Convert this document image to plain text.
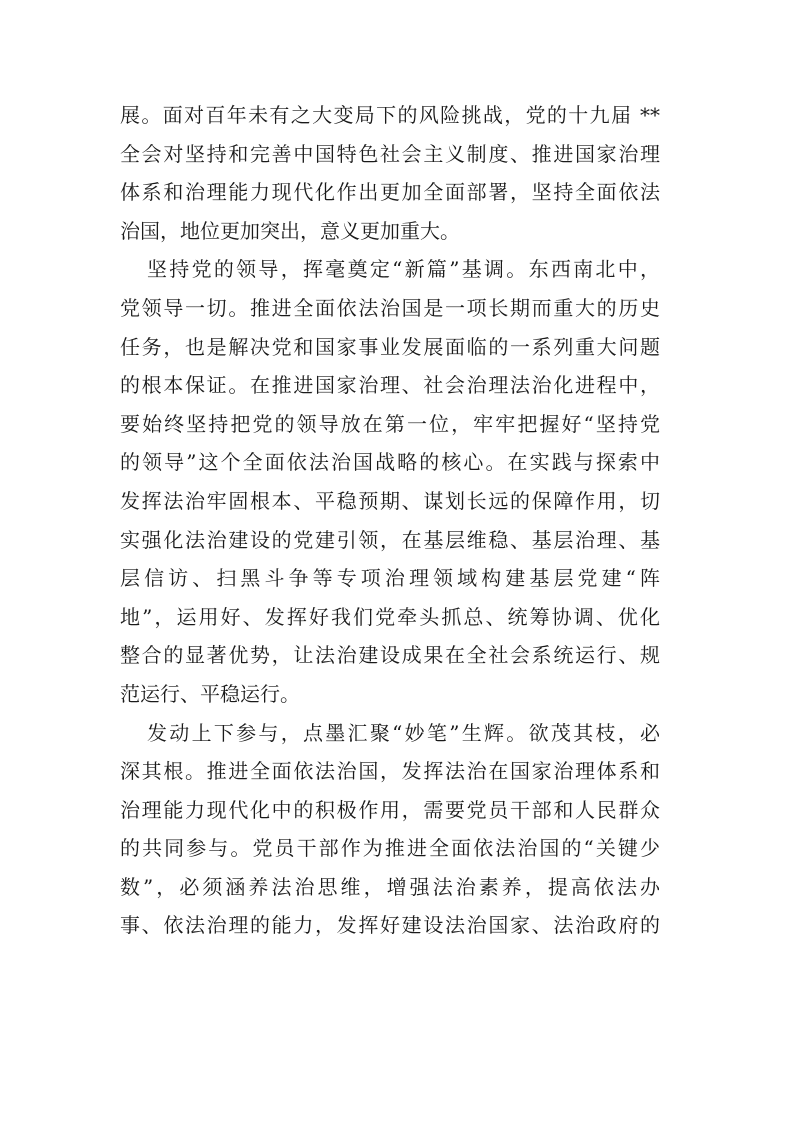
展。面对百年未有之大变局下的风险挑战，党的十九届 **
全会对坚持和完善中国特色社会主义制度、推进国家治理
体系和治理能力现代化作出更加全面部署，坚持全面依法
治国，地位更加突出，意义更加重大。
坚持党的领导，挥毫奠定“新篇”基调。东西南北中，
党领导一切。推进全面依法治国是一项长期而重大的历史
任务，也是解决党和国家事业发展面临的一系列重大问题
的根本保证。在推进国家治理、社会治理法治化进程中，
要始终坚持把党的领导放在第一位，牢牢把握好“坚持党
的领导”这个全面依法治国战略的核心。在实践与探索中
发挥法治牢固根本、平稳预期、谋划长远的保障作用，切
实强化法治建设的党建引领，在基层维稳、基层治理、基
层信访、扫黑斗争等专项治理领域构建基层党建“阵
地”，运用好、发挥好我们党牵头抓总、统筹协调、优化
整合的显著优势，让法治建设成果在全社会系统运行、规
范运行、平稳运行。
发动上下参与，点墨汇聚“妙笔”生辉。欲茂其枝，必
深其根。推进全面依法治国，发挥法治在国家治理体系和
治理能力现代化中的积极作用，需要党员干部和人民群众
的共同参与。党员干部作为推进全面依法治国的“关键少
数”，必须涵养法治思维，增强法治素养，提高依法办
事、依法治理的能力，发挥好建设法治国家、法治政府的
